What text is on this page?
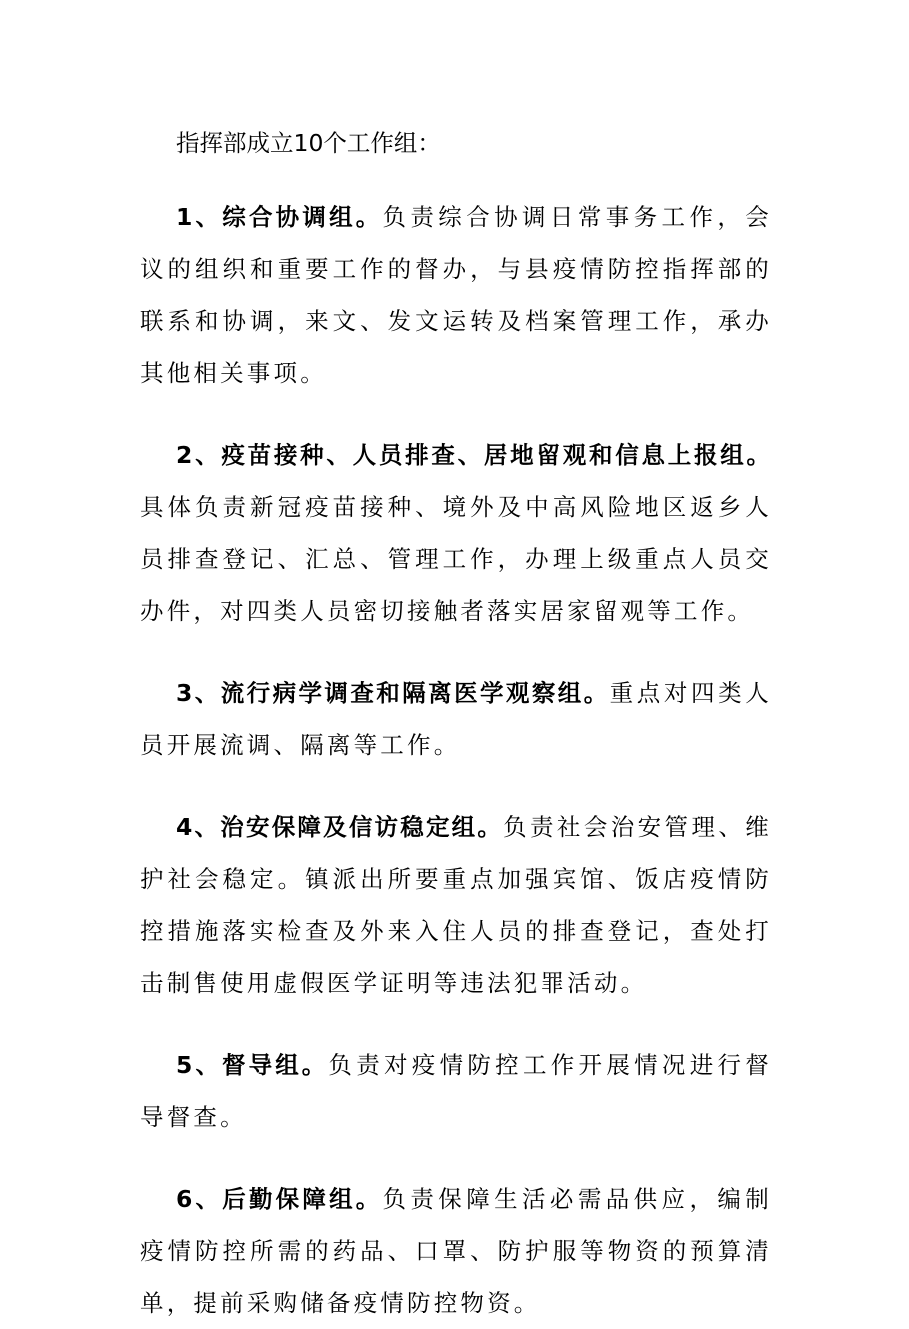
指挥部成立10个工作组：

1、综合协调组。负责综合协调日常事务工作，会议的组织和重要工作的督办，与县疫情防控指挥部的联系和协调，来文、发文运转及档案管理工作，承办其他相关事项。

2、疫苗接种、人员排查、居地留观和信息上报组。具体负责新冠疫苗接种、境外及中高风险地区返乡人员排查登记、汇总、管理工作，办理上级重点人员交办件，对四类人员密切接触者落实居家留观等工作。

3、流行病学调查和隔离医学观察组。重点对四类人员开展流调、隔离等工作。

4、治安保障及信访稳定组。负责社会治安管理、维护社会稳定。镇派出所要重点加强宾馆、饭店疫情防控措施落实检查及外来入住人员的排查登记，查处打击制售使用虚假医学证明等违法犯罪活动。

5、督导组。负责对疫情防控工作开展情况进行督导督查。

6、后勤保障组。负责保障生活必需品供应，编制疫情防控所需的药品、口罩、防护服等物资的预算清单，提前采购储备疫情防控物资。
